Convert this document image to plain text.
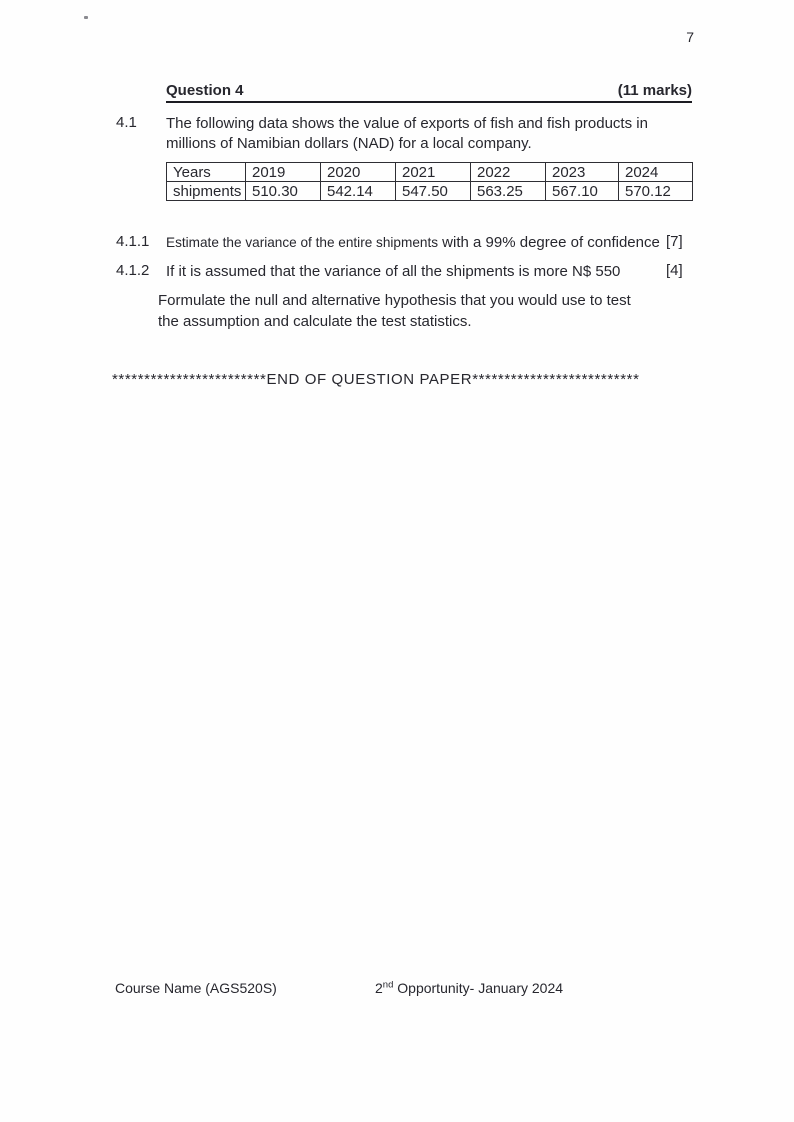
7
Question 4	(11 marks)
4.1 The following data shows the value of exports of fish and fish products in millions of Namibian dollars (NAD) for a local company.
Years	2019	2020	2021	2022	2023	2024
shipments	510.30	542.14	547.50	563.25	567.10	570.12
4.1.1 Estimate the variance of the entire shipments with a 99% degree of confidence [7]
4.1.2 If it is assumed that the variance of all the shipments is more N$ 550	[4]
Formulate the null and alternative hypothesis that you would use to test the assumption and calculate the test statistics.
************************END OF QUESTION PAPER**************************
Course Name (AGS520S)	2nd Opportunity- January 2024
